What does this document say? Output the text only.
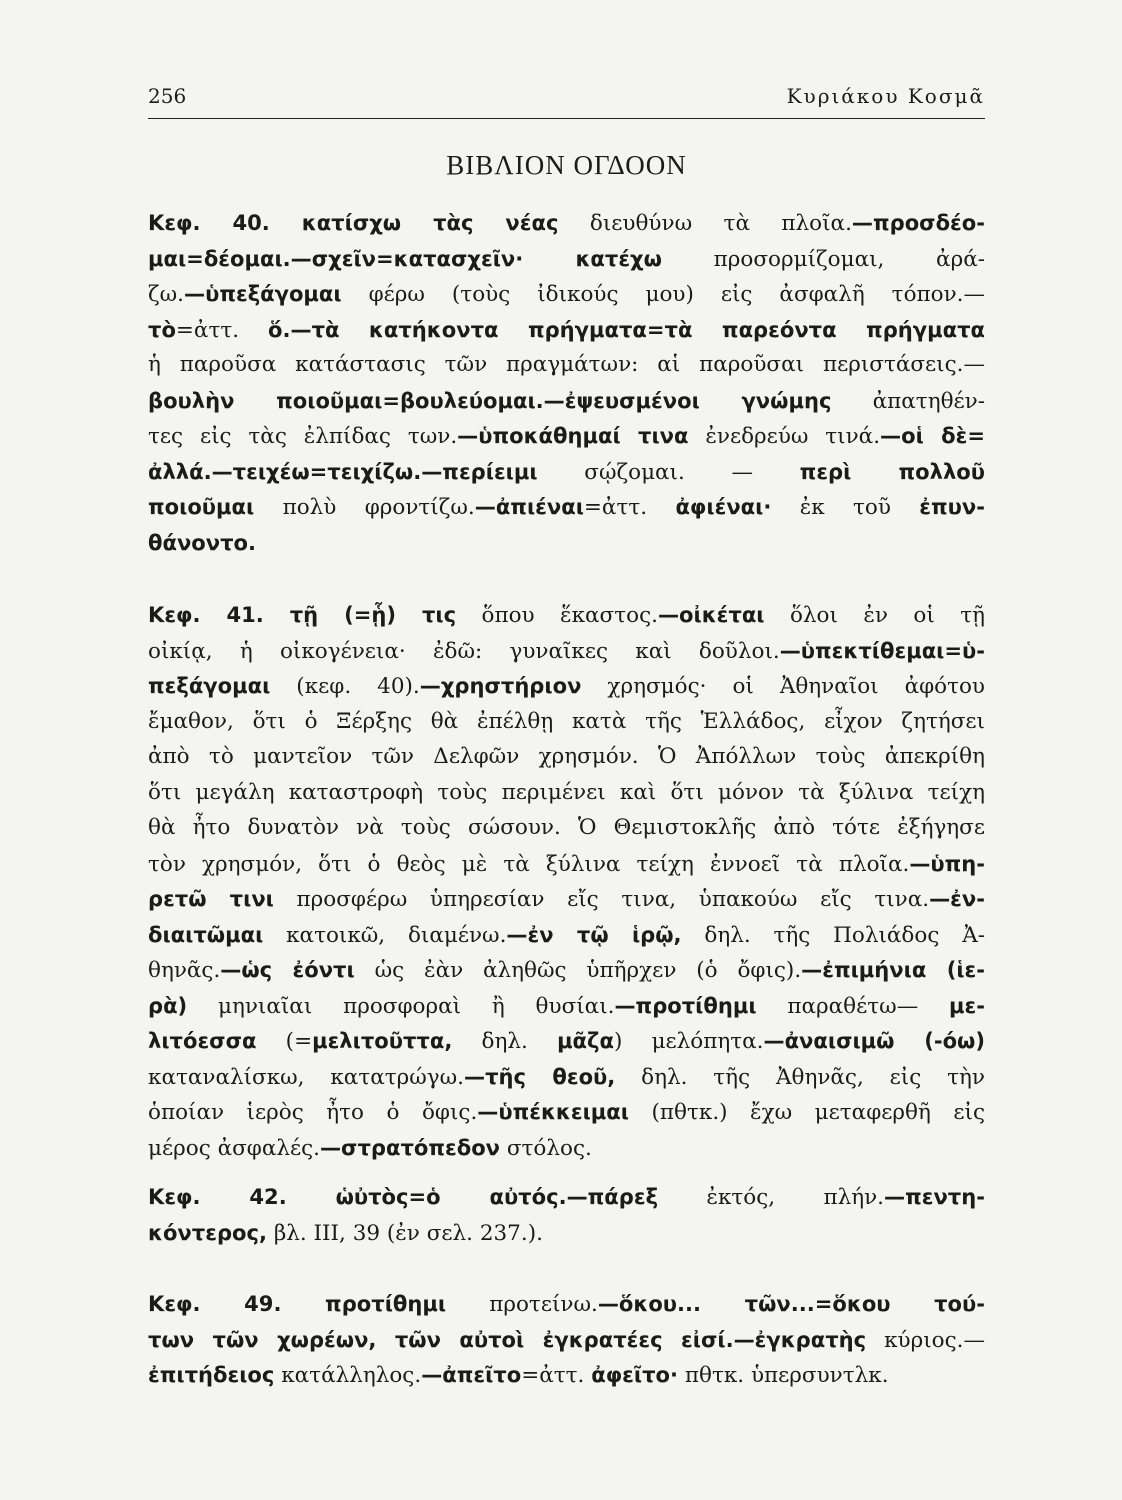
256	Κυριάκου Κοσμᾶ
ΒΙΒΛΙΟΝ ΟΓΔΟΟΝ
Κεφ. 40. κατίσχω τὰς νέας διευθύνω τὰ πλοῖα.—προσδέο-
μαι=δέομαι.—σχεῖν=κατασχεῖν· κατέχω προσορμίζομαι, ἀρά-
ζω.—ὑπεξάγομαι φέρω (τοὺς ἰδικούς μου) εἰς ἀσφαλῆ τόπον.—
τὸ=ἀττ. ὅ.—τὰ κατήκοντα πρήγματα=τὰ παρεόντα πρήγματα
ἡ παροῦσα κατάστασις τῶν πραγμάτων: αἱ παροῦσαι περιστάσεις.—
βουλὴν ποιοῦμαι=βουλεύομαι.—ἐψευσμένοι γνώμης ἀπατηθέν-
τες εἰς τὰς ἐλπίδας των.—ὑποκάθημαί τινα ἐνεδρεύω τινά.—οἱ δὲ=
ἀλλά.—τειχέω=τειχίζω.—περίειμι σῴζομαι. — περὶ πολλοῦ
ποιοῦμαι πολὺ φροντίζω.—ἀπιέναι=ἀττ. ἀφιέναι· ἐκ τοῦ ἐπυν-
θάνοντο.
Κεφ. 41. τῇ (=ᾗ) τις ὅπου ἕκαστος.—οἰκέται ὅλοι ἐν οἱ τῇ
οἰκίᾳ, ἡ οἰκογένεια· ἐδῶ: γυναῖκες καὶ δοῦλοι.—ὑπεκτίθεμαι=ὑ-
πεξάγομαι (κεφ. 40).—χρηστήριον χρησμός· οἱ Ἀθηναῖοι ἀφότου
ἔμαθον, ὅτι ὁ Ξέρξης θὰ ἐπέλθῃ κατὰ τῆς Ἑλλάδος, εἶχον ζητήσει
ἀπὸ τὸ μαντεῖον τῶν Δελφῶν χρησμόν. Ὁ Ἀπόλλων τοὺς ἀπεκρίθη
ὅτι μεγάλη καταστροφὴ τοὺς περιμένει καὶ ὅτι μόνον τὰ ξύλινα τείχη
θὰ ἦτο δυνατὸν νὰ τοὺς σώσουν. Ὁ Θεμιστοκλῆς ἀπὸ τότε ἐξήγησε
τὸν χρησμόν, ὅτι ὁ θεὸς μὲ τὰ ξύλινα τείχη ἐννοεῖ τὰ πλοῖα.—ὑπη-
ρετῶ τινι προσφέρω ὑπηρεσίαν εἴς τινα, ὑπακούω εἴς τινα.—ἐν-
διαιτῶμαι κατοικῶ, διαμένω.—ἐν τῷ ἱρῷ, δηλ. τῆς Πολιάδος Ἀ-
θηνᾶς.—ὡς ἐόντι ὡς ἐὰν ἀληθῶς ὑπῆρχεν (ὁ ὄφις).—ἐπιμήνια (ἱε-
ρὰ) μηνιαῖαι προσφοραὶ ἢ θυσίαι.—προτίθημι παραθέτω— με-
λιτόεσσα (=μελιτοῦττα, δηλ. μᾶζα) μελόπητα.—ἀναισιμῶ (-όω)
καταναλίσκω, κατατρώγω.—τῆς θεοῦ, δηλ. τῆς Ἀθηνᾶς, εἰς τὴν
ὁποίαν ἱερὸς ἦτο ὁ ὄφις.—ὑπέκκειμαι (πθτκ.) ἔχω μεταφερθῆ εἰς
μέρος ἀσφαλές.—στρατόπεδον στόλος.
Κεφ. 42. ὡὐτὸς=ὁ αὐτός.—πάρεξ ἐκτός, πλήν.—πεντη-
κόντερος, βλ. III, 39 (ἐν σελ. 237.).
Κεφ. 49. προτίθημι προτείνω.—ὅκου... τῶν...=ὅκου τού-
των τῶν χωρέων, τῶν αὐτοὶ ἐγκρατέες εἰσί.—ἐγκρατὴς κύριος.—
ἐπιτήδειος κατάλληλος.—ἀπεῖτο=ἀττ. ἀφεῖτο· πθτκ. ὑπερσυντλκ.
